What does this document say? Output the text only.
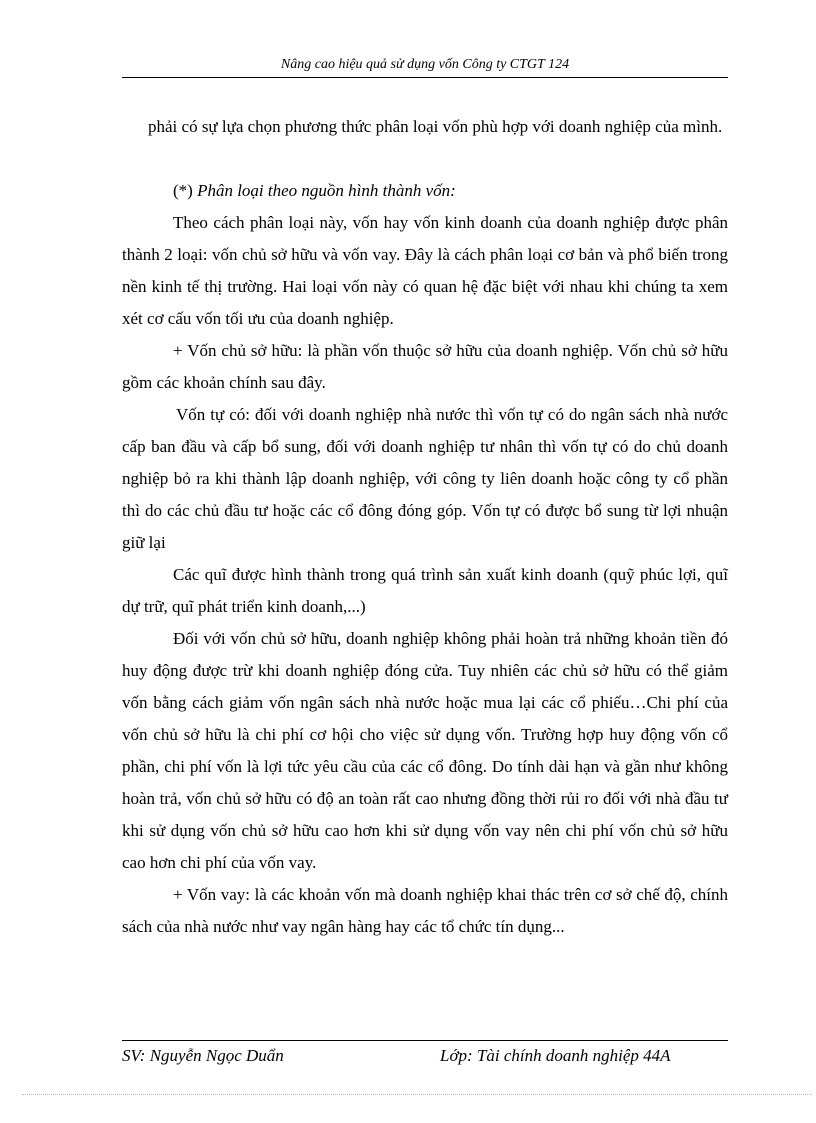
Nâng cao hiệu quả sử dụng vốn Công ty CTGT 124

phải có sự lựa chọn phương thức phân loại vốn phù hợp với doanh nghiệp của mình.

(*) Phân loại theo nguồn hình thành vốn:

Theo cách phân loại này, vốn hay vốn kinh doanh của doanh nghiệp được phân thành 2 loại: vốn chủ sở hữu và vốn vay. Đây là cách phân loại cơ bản và phổ biến trong nền kinh tế thị trường. Hai loại vốn này có quan hệ đặc biệt với nhau khi chúng ta xem xét cơ cấu vốn tối ưu của doanh nghiệp.

+ Vốn chủ sở hữu: là phần vốn thuộc sở hữu của doanh nghiệp. Vốn chủ sở hữu gồm các khoản chính sau đây.

Vốn tự có: đối với doanh nghiệp nhà nước thì vốn tự có do ngân sách nhà nước cấp ban đầu và cấp bổ sung, đối với doanh nghiệp tư nhân thì vốn tự có do chủ doanh nghiệp bỏ ra khi thành lập doanh nghiệp, với công ty liên doanh hoặc công ty cổ phần thì do các chủ đầu tư hoặc các cổ đông đóng góp. Vốn tự có được bổ sung từ lợi nhuận giữ lại

Các quĩ được hình thành trong quá trình sản xuất kinh doanh (quỹ phúc lợi, quĩ dự trữ, quĩ phát triển kinh doanh,...)

Đối với vốn chủ sở hữu, doanh nghiệp không phải hoàn trả những khoản tiền đó huy động được trừ khi doanh nghiệp đóng cửa. Tuy nhiên các chủ sở hữu có thể giảm vốn bằng cách giảm vốn ngân sách nhà nước hoặc mua lại các cổ phiếu…Chi phí của vốn chủ sở hữu là chi phí cơ hội cho việc sử dụng vốn. Trường hợp huy động vốn cổ phần, chi phí vốn là lợi tức yêu cầu của các cổ đông. Do tính dài hạn và gần như không hoàn trả, vốn chủ sở hữu có độ an toàn rất cao nhưng đồng thời rủi ro đối với nhà đầu tư khi sử dụng vốn chủ sở hữu cao hơn khi sử dụng vốn vay nên chi phí vốn chủ sở hữu cao hơn chi phí của vốn vay.

+ Vốn vay: là các khoản vốn mà doanh nghiệp khai thác trên cơ sở chế độ, chính sách của nhà nước như vay ngân hàng hay các tổ chức tín dụng...

SV: Nguyễn Ngọc Duẩn	Lớp: Tài chính doanh nghiệp 44A
